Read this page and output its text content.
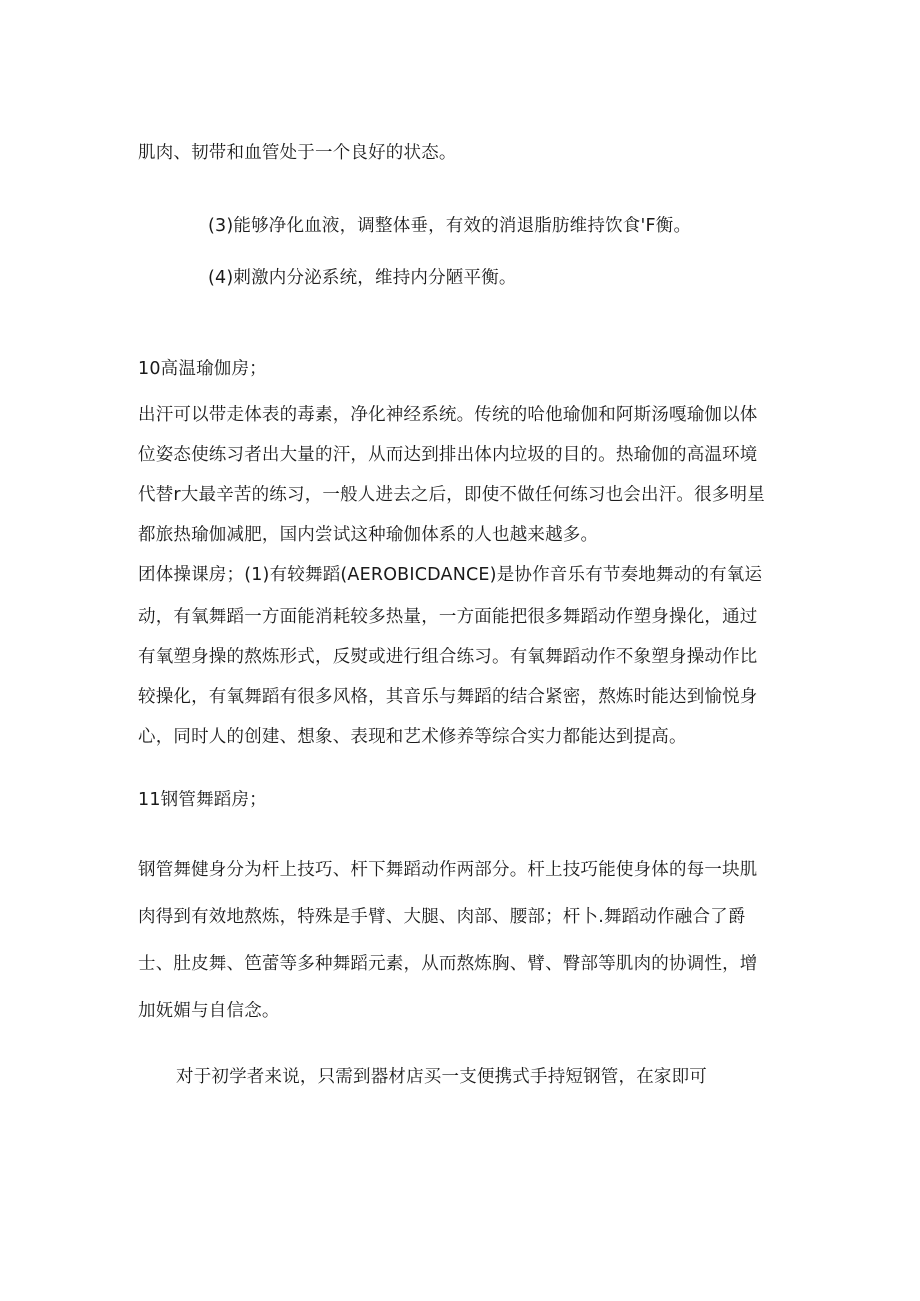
肌肉、韧带和血管处于一个良好的状态。
(3)能够净化血液，调整体垂，有效的消退脂肪维持饮食'F衡。
(4)刺激内分泌系统，维持内分陋平衡。
10高温瑜伽房；
出汗可以带走体表的毒素，净化神经系统。传统的哈他瑜伽和阿斯汤嘎瑜伽以体
位姿态使练习者出大量的汗，从而达到排出体内垃圾的目的。热瑜伽的高温环境
代替r大最辛苦的练习，一般人进去之后，即使不做任何练习也会出汗。很多明星
都旅热瑜伽减肥，国内尝试这种瑜伽体系的人也越来越多。
团体操课房；(1)有较舞蹈(AEROBICDANCE)是协作音乐有节奏地舞动的有氧运
动，有氧舞蹈一方面能消耗较多热量，一方面能把很多舞蹈动作塑身操化，通过
有氧塑身操的熬炼形式，反熨或进行组合练习。有氧舞蹈动作不象塑身操动作比
较操化，有氧舞蹈有很多风格，其音乐与舞蹈的结合紧密，熬炼时能达到愉悦身
心，同时人的创建、想象、表现和艺术修养等综合实力都能达到提高。
11钢管舞蹈房；
钢管舞健身分为杆上技巧、杆下舞蹈动作两部分。杆上技巧能使身体的每一块肌
肉得到有效地熬炼，特殊是手臂、大腿、肉部、腰部；杆卜.舞蹈动作融合了爵
士、肚皮舞、笆蕾等多种舞蹈元素，从而熬炼胸、臂、臀部等肌肉的协调性，增
加妩媚与自信念。
对于初学者来说，只需到器材店买一支便携式手持短钢管，在家即可
